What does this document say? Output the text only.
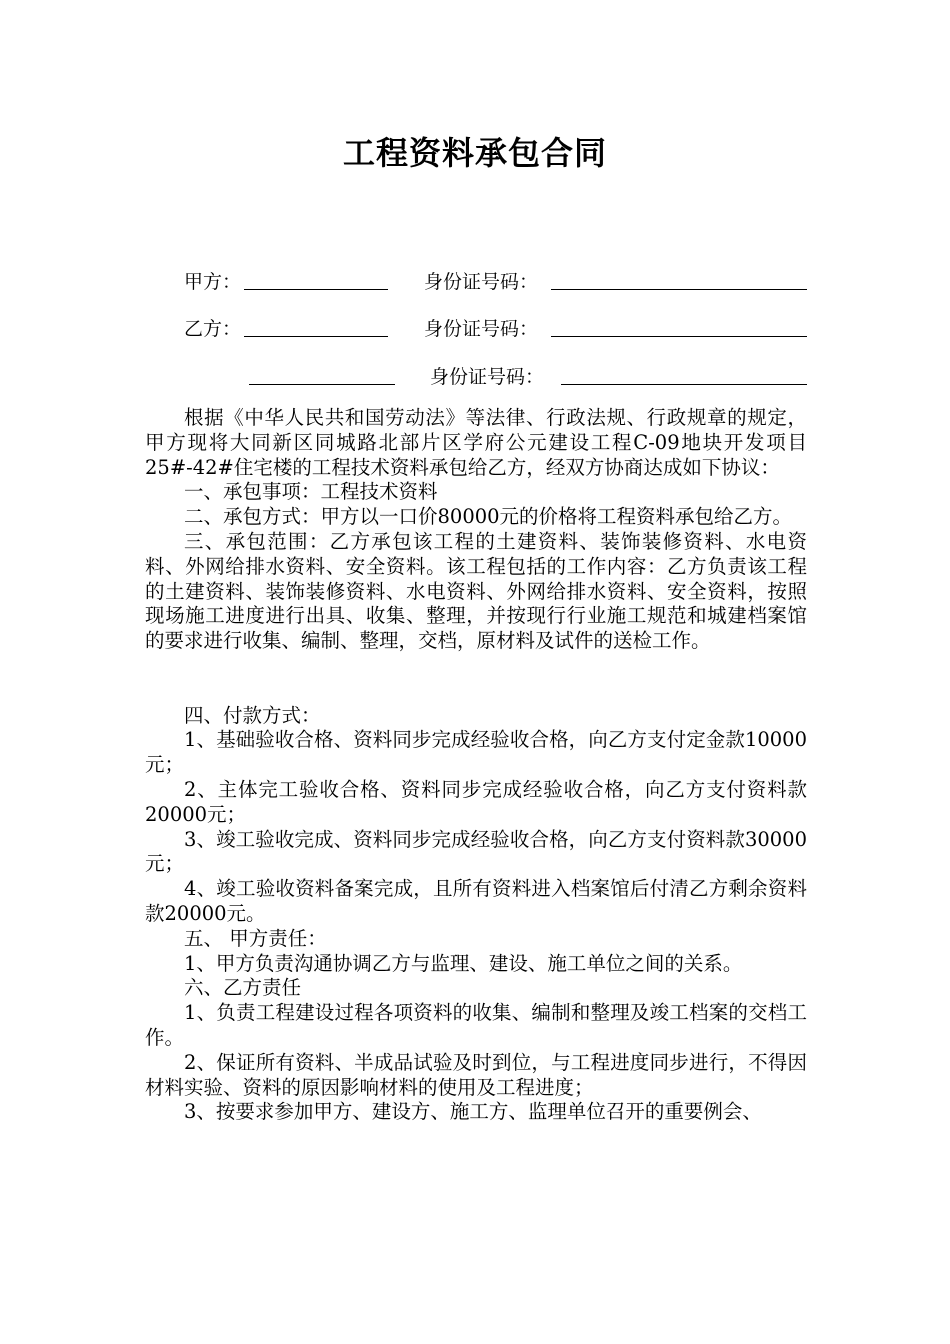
工程资料承包合同
甲方：	身份证号码：
乙方：	身份证号码：
身份证号码：

根据《中华人民共和国劳动法》等法律、行政法规、行政规章的规定，甲方现将大同新区同城路北部片区学府公元建设工程C-09地块开发项目25#-42#住宅楼的工程技术资料承包给乙方，经双方协商达成如下协议：

一、承包事项：工程技术资料

二、承包方式：甲方以一口价80000元的价格将工程资料承包给乙方。

三、承包范围：乙方承包该工程的土建资料、装饰装修资料、水电资料、外网给排水资料、安全资料。该工程包括的工作内容：乙方负责该工程的土建资料、装饰装修资料、水电资料、外网给排水资料、安全资料，按照现场施工进度进行出具、收集、整理，并按现行行业施工规范和城建档案馆的要求进行收集、编制、整理，交档，原材料及试件的送检工作。

四、付款方式：

1、基础验收合格、资料同步完成经验收合格，向乙方支付定金款10000元；

2、主体完工验收合格、资料同步完成经验收合格，向乙方支付资料款20000元；

3、竣工验收完成、资料同步完成经验收合格，向乙方支付资料款30000元；

4、竣工验收资料备案完成，且所有资料进入档案馆后付清乙方剩余资料款20000元。

五、 甲方责任：

1、甲方负责沟通协调乙方与监理、建设、施工单位之间的关系。

六、乙方责任

1、负责工程建设过程各项资料的收集、编制和整理及竣工档案的交档工作。

2、保证所有资料、半成品试验及时到位，与工程进度同步进行，不得因材料实验、资料的原因影响材料的使用及工程进度；

3、按要求参加甲方、建设方、施工方、监理单位召开的重要例会、
